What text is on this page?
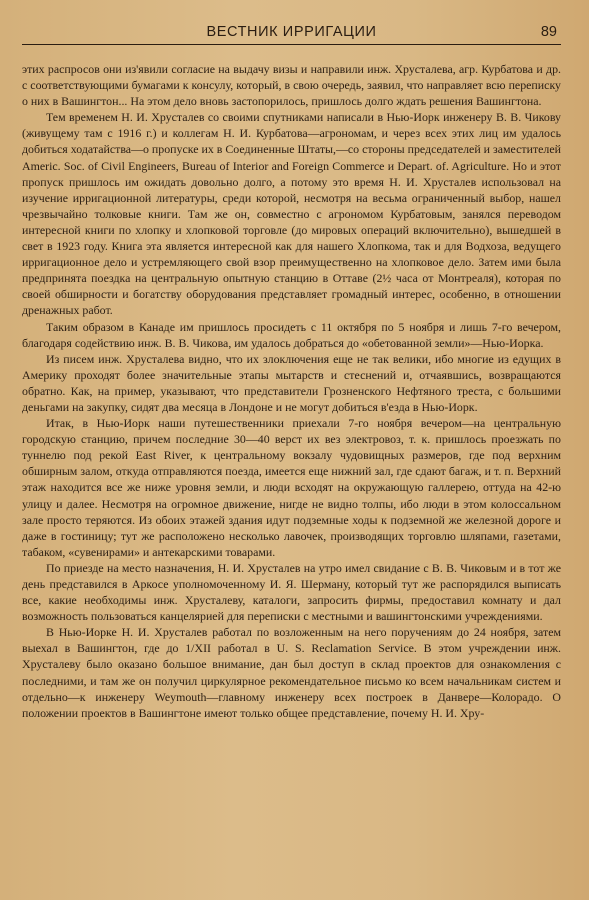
ВЕСТНИК ИРРИГАЦИИ	89

этих распросов они из'явили согласие на выдачу визы и направили инж. Хрусталева, агр. Курбатова и др. с соответствующими бумагами к консулу, который, в свою очередь, заявил, что направляет всю переписку о них в Вашингтон... На этом дело вновь застопорилось, пришлось долго ждать решения Вашингтона.

Тем временем Н. И. Хрусталев со своими спутниками написали в Нью-Иорк инженеру В. В. Чикову (живущему там с 1916 г.) и коллегам Н. И. Курбатова—агрономам, и через всех этих лиц им удалось добиться ходатайства—о пропуске их в Соединенные Штаты,—со стороны председателей и заместителей Americ. Soc. of Civil Engineers, Bureau of Interior and Foreign Commerce и Depart. of. Agriculture. Но и этот пропуск пришлось им ожидать довольно долго, а потому это время Н. И. Хрусталев использовал на изучение ирригационной литературы, среди которой, несмотря на весьма ограниченный выбор, нашел чрезвычайно толковые книги. Там же он, совместно с агрономом Курбатовым, занялся переводом интересной книги по хлопку и хлопковой торговле (до мировых операций включительно), вышедшей в свет в 1923 году. Книга эта является интересной как для нашего Хлопкома, так и для Водхоза, ведущего ирригационное дело и устремляющего свой взор преимущественно на хлопковое дело. Затем ими была предпринята поездка на центральную опытную станцию в Оттаве (2½ часа от Монтреаля), которая по своей обширности и богатству оборудования представляет громадный интерес, особенно, в отношении дренажных работ.

Таким образом в Канаде им пришлось просидеть с 11 октября по 5 ноября и лишь 7-го вечером, благодаря содействию инж. В. В. Чикова, им удалось добраться до «обетованной земли»—Нью-Иорка.

Из писем инж. Хрусталева видно, что их злоключения еще не так велики, ибо многие из едущих в Америку проходят более значительные этапы мытарств и стеснений и, отчаявшись, возвращаются обратно. Как, на пример, указывают, что представители Грозненского Нефтяного треста, с большими деньгами на закупку, сидят два месяца в Лондоне и не могут добиться в'езда в Нью-Иорк.

Итак, в Нью-Иорк наши путешественники приехали 7-го ноября вечером—на центральную городскую станцию, причем последние 30—40 верст их вез электровоз, т. к. пришлось проезжать по туннелю под рекой East River, к центральному вокзалу чудовищных размеров, где под верхним обширным залом, откуда отправляются поезда, имеется еще нижний зал, где сдают багаж, и т. п. Верхний этаж находится все же ниже уровня земли, и люди всходят на окружающую галлерею, оттуда на 42-ю улицу и далее. Несмотря на огромное движение, нигде не видно толпы, ибо люди в этом колоссальном зале просто теряются. Из обоих этажей здания идут подземные ходы к подземной же железной дороге и даже в гостиницу; тут же расположено несколько лавочек, производящих торговлю шляпами, газетами, табаком, «сувенирами» и антекарскими товарами.

По приезде на место назначения, Н. И. Хрусталев на утро имел свидание с В. В. Чиковым и в тот же день представился в Аркосе уполномоченному И. Я. Шерману, который тут же распорядился выписать все, какие необходимы инж. Хрусталеву, каталоги, запросить фирмы, предоставил комнату и дал возможность пользоваться канцелярией для переписки с местными и вашингтонскими учреждениями.

В Нью-Иорке Н. И. Хрусталев работал по возложенным на него поручениям до 24 ноября, затем выехал в Вашингтон, где до 1/XII работал в U. S. Reclamation Service. В этом учреждении инж. Хрусталеву было оказано большое внимание, дан был доступ в склад проектов для ознакомления с последними, и там же он получил циркулярное рекомендательное письмо ко всем начальникам систем и отдельно—к инженеру Weymouth—главному инженеру всех построек в Данвере—Колорадо. О положении проектов в Вашингтоне имеют только общее представление, почему Н. И. Хру-
